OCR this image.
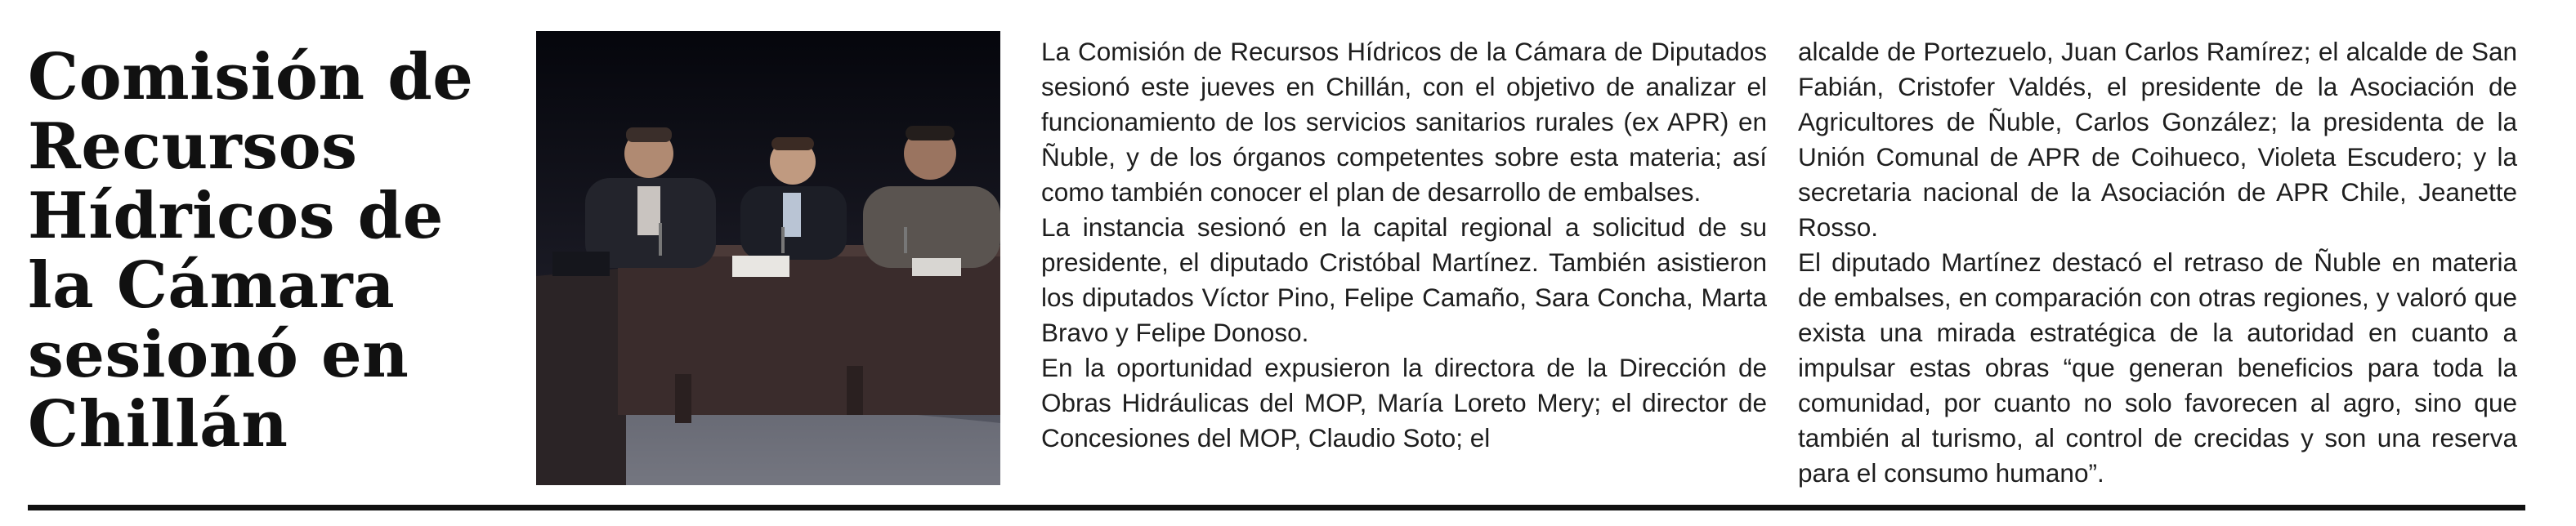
Comisión de Recursos Hídricos de la Cámara sesionó en Chillán

La Comisión de Recursos Hídricos de la Cámara de Diputados sesionó este jueves en Chillán, con el objetivo de analizar el funcionamiento de los servicios sanitarios rurales (ex APR) en Ñuble, y de los órganos competentes sobre esta materia; así como también conocer el plan de desarrollo de embalses.

La instancia sesionó en la capital regional a solicitud de su presidente, el diputado Cristóbal Martínez. También asistieron los diputados Víctor Pino, Felipe Camaño, Sara Concha, Marta Bravo y Felipe Donoso.

En la oportunidad expusieron la directora de la Dirección de Obras Hidráulicas del MOP, María Loreto Mery; el director de Concesiones del MOP, Claudio Soto; el

alcalde de Portezuelo, Juan Carlos Ramírez; el alcalde de San Fabián, Cristofer Valdés, el presidente de la Asociación de Agricultores de Ñuble, Carlos González; la presidenta de la Unión Comunal de APR de Coihueco, Violeta Escudero; y la secretaria nacional de la Asociación de APR Chile, Jeanette Rosso.

El diputado Martínez destacó el retraso de Ñuble en materia de embalses, en comparación con otras regiones, y valoró que exista una mirada estratégica de la autoridad en cuanto a impulsar estas obras “que generan beneficios para toda la comunidad, por cuanto no solo favorecen al agro, sino que también al turismo, al control de crecidas y son una reserva para el consumo humano”.
